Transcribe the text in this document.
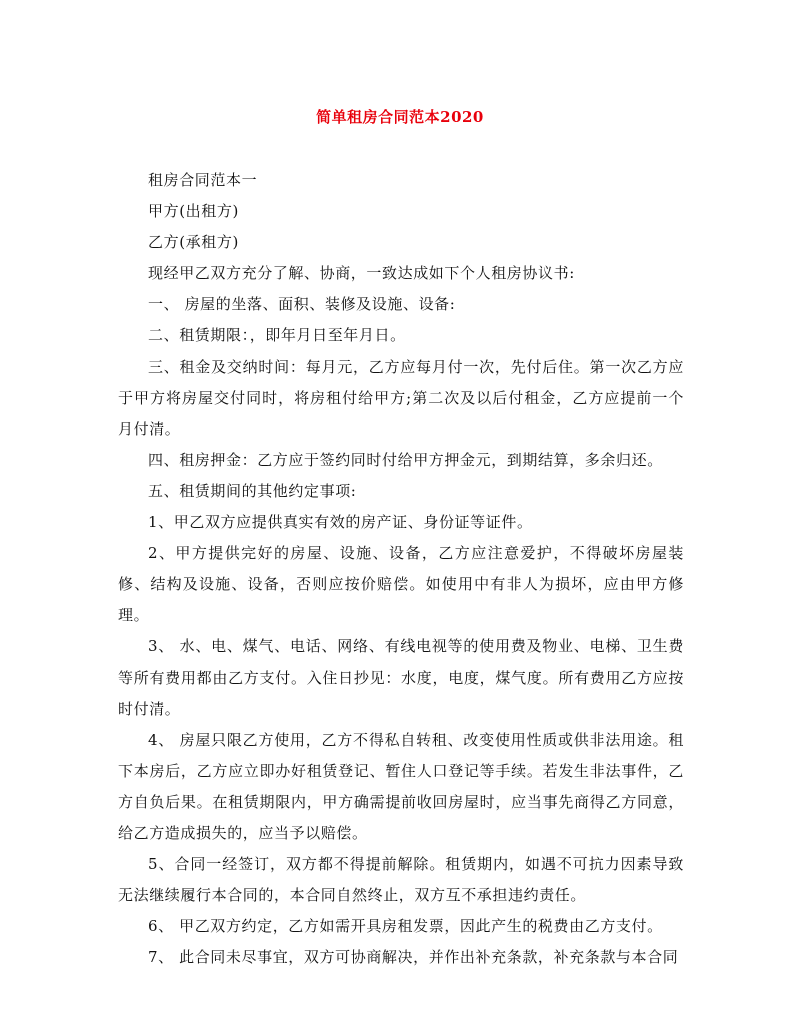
简单租房合同范本2020

租房合同范本一

甲方(出租方)

乙方(承租方)

现经甲乙双方充分了解、协商，一致达成如下个人租房协议书:

一、 房屋的坐落、面积、装修及设施、设备:

二、租赁期限：，即年月日至年月日。

三、租金及交纳时间：每月元，乙方应每月付一次，先付后住。第一次乙方应于甲方将房屋交付同时，将房租付给甲方;第二次及以后付租金，乙方应提前一个月付清。

四、租房押金：乙方应于签约同时付给甲方押金元，到期结算，多余归还。

五、租赁期间的其他约定事项:

1、甲乙双方应提供真实有效的房产证、身份证等证件。

2、甲方提供完好的房屋、设施、设备，乙方应注意爱护，不得破坏房屋装修、结构及设施、设备，否则应按价赔偿。如使用中有非人为损坏，应由甲方修理。

3、 水、电、煤气、电话、网络、有线电视等的使用费及物业、电梯、卫生费等所有费用都由乙方支付。入住日抄见：水度，电度，煤气度。所有费用乙方应按时付清。

4、 房屋只限乙方使用，乙方不得私自转租、改变使用性质或供非法用途。租下本房后，乙方应立即办好租赁登记、暂住人口登记等手续。若发生非法事件，乙方自负后果。在租赁期限内，甲方确需提前收回房屋时，应当事先商得乙方同意，给乙方造成损失的，应当予以赔偿。

5、合同一经签订，双方都不得提前解除。租赁期内，如遇不可抗力因素导致无法继续履行本合同的，本合同自然终止，双方互不承担违约责任。

6、 甲乙双方约定，乙方如需开具房租发票，因此产生的税费由乙方支付。

7、 此合同未尽事宜，双方可协商解决，并作出补充条款，补充条款与本合同
